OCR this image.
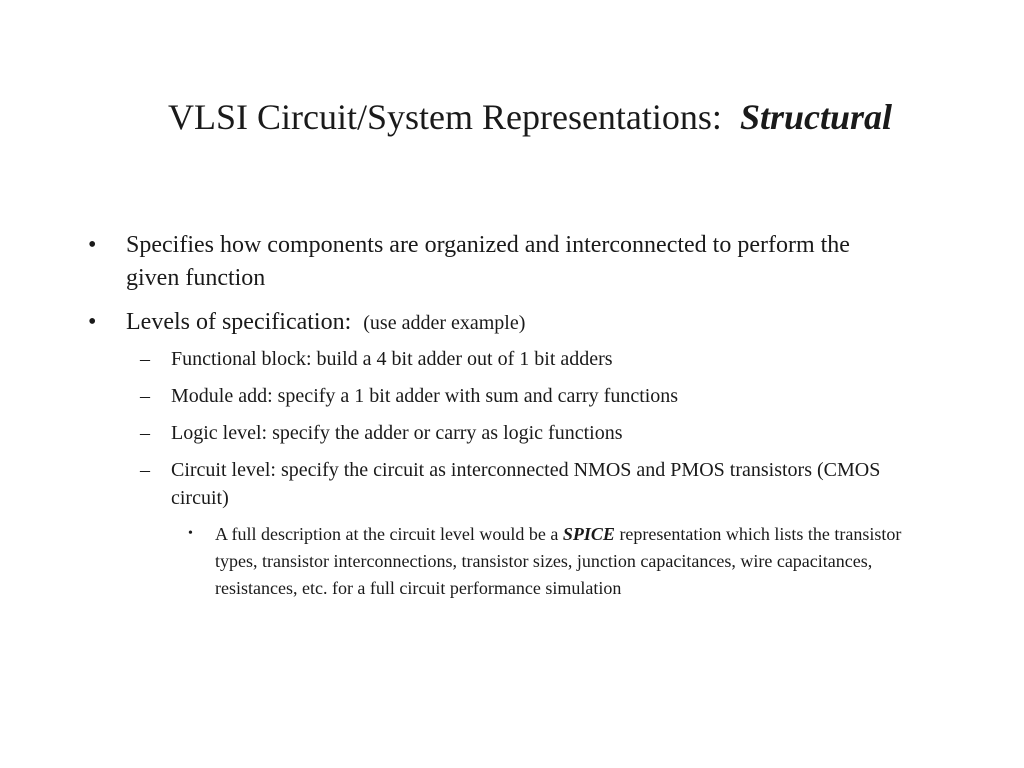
VLSI Circuit/System Representations: Structural
• Specifies how components are organized and interconnected to perform the given function
• Levels of specification: (use adder example)
– Functional block: build a 4 bit adder out of 1 bit adders
– Module add: specify a 1 bit adder with sum and carry functions
– Logic level: specify the adder or carry as logic functions
– Circuit level: specify the circuit as interconnected NMOS and PMOS transistors (CMOS circuit)
• A full description at the circuit level would be a SPICE representation which lists the transistor types, transistor interconnections, transistor sizes, junction capacitances, wire capacitances, resistances, etc. for a full circuit performance simulation
